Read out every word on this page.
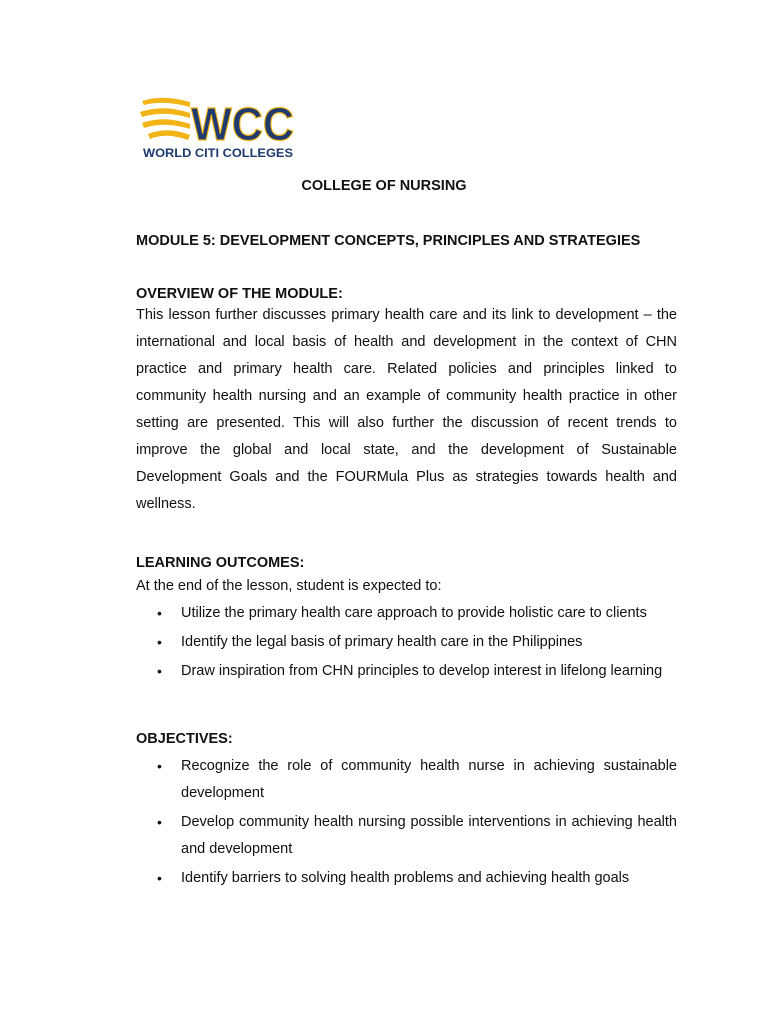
WCC
WORLD CITI COLLEGES
COLLEGE OF NURSING
MODULE 5: DEVELOPMENT CONCEPTS, PRINCIPLES AND STRATEGIES

OVERVIEW OF THE MODULE:

This lesson further discusses primary health care and its link to development – the international and local basis of health and development in the context of CHN practice and primary health care. Related policies and principles linked to community health nursing and an example of community health practice in other setting are presented. This will also further the discussion of recent trends to improve the global and local state, and the development of Sustainable Development Goals and the FOURMula Plus as strategies towards health and wellness.

LEARNING OUTCOMES:

At the end of the lesson, student is expected to:

• Utilize the primary health care approach to provide holistic care to clients
• Identify the legal basis of primary health care in the Philippines
• Draw inspiration from CHN principles to develop interest in lifelong learning

OBJECTIVES:

• Recognize the role of community health nurse in achieving sustainable development
• Develop community health nursing possible interventions in achieving health and development
• Identify barriers to solving health problems and achieving health goals
